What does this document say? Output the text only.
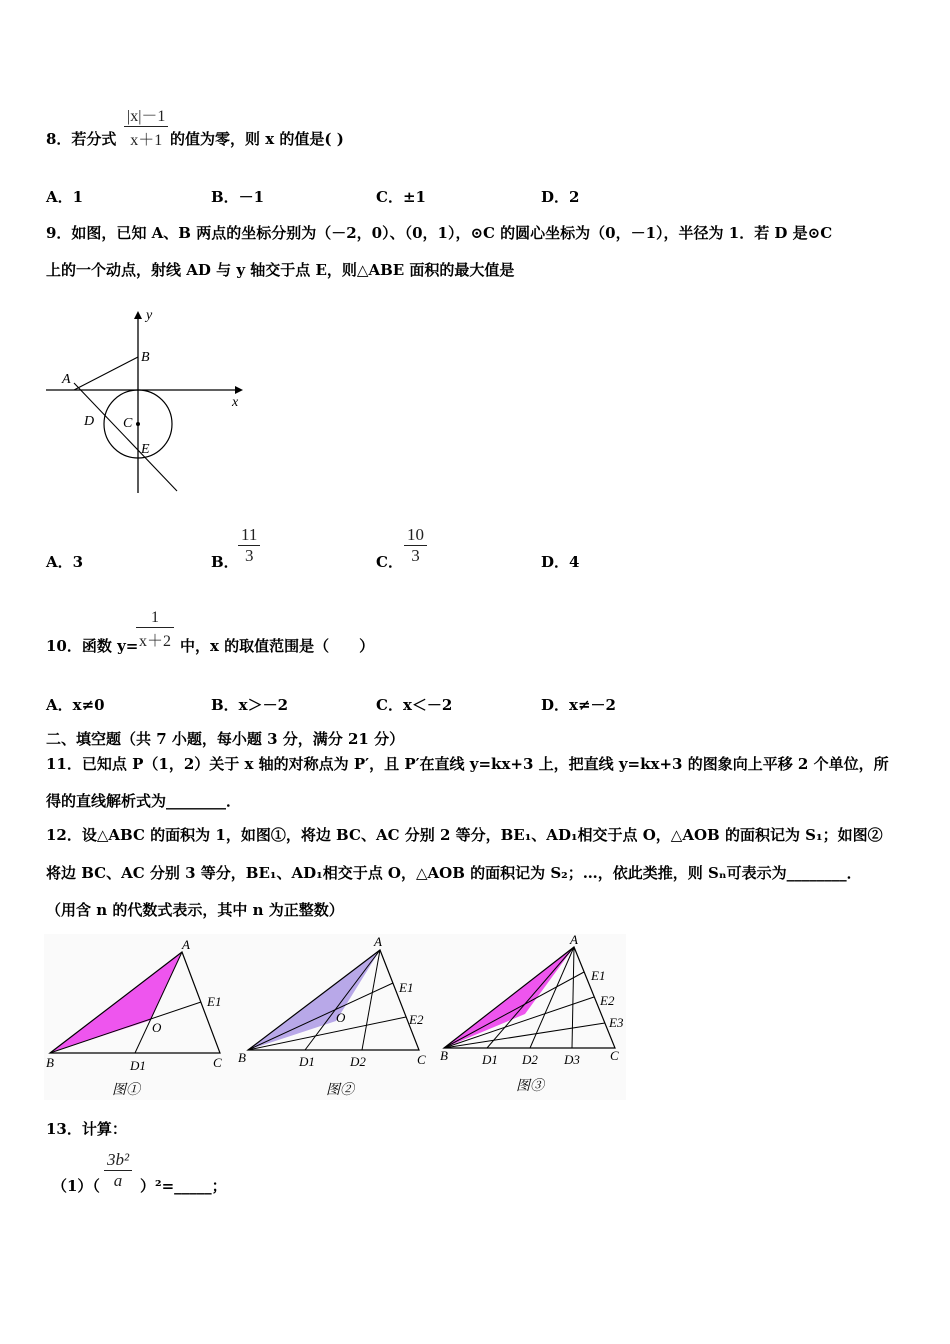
|x|－1
x＋1
8．若分式	的值为零，则 x 的值是( )
A．1	B．－1	C．±1	D．2
9．如图，已知 A、B 两点的坐标分别为（－2，0）、（0，1），⊙C 的圆心坐标为（0，－1），半径为 1．若 D 是⊙C
上的一个动点，射线 AD 与 y 轴交于点 E，则△ABE 面积的最大值是
y
x
A
B
C
D
E
A．3	B．
11
3	C．
10
3	D．4
1
x＋2
10．函数 y=	中，x 的取值范围是（　　）
A．x≠0	B．x＞－2	C．x＜－2	D．x≠－2
二、填空题（共 7 小题，每小题 3 分，满分 21 分）
11．已知点 P（1，2）关于 x 轴的对称点为 P′，且 P′在直线 y=kx+3 上，把直线 y=kx+3 的图象向上平移 2 个单位，所
得的直线解析式为________．
12．设△ABC 的面积为 1，如图①，将边 BC、AC 分别 2 等分，BE₁、AD₁相交于点 O，△AOB 的面积记为 S₁；如图②
将边 BC、AC 分别 3 等分，BE₁、AD₁相交于点 O，△AOB 的面积记为 S₂；…，依此类推，则 Sₙ可表示为________．
（用含 n 的代数式表示，其中 n 为正整数）
A
B	C
O
D1
E1
图①
A
B	C
O
D1	D2
E1
E2
图②
A
B	C
D1 D2 D3
E1
E2
E3
图③
13．计算：
（1）（
3b²
a	）²=_____；
